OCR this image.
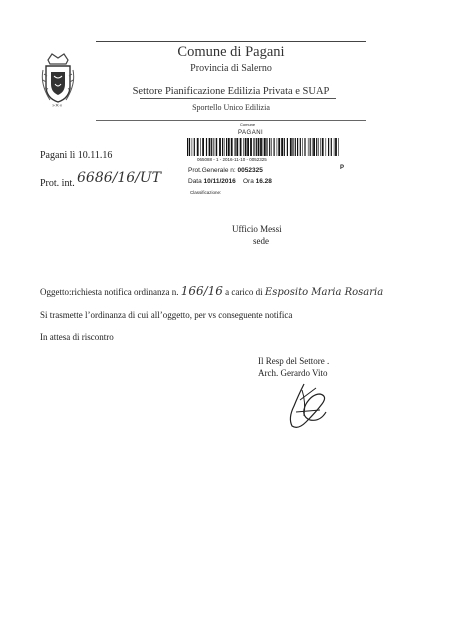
»✕«
Comune di Pagani
Provincia di Salerno
Settore Pianificazione Edilizia Privata e SUAP
Sportello Unico Edilizia
Pagani lì 10.11.16
Prot. int. 6686/16/UT
Comune
PAGANI
065088 - 1 - 2016-11-10 - 0052325
P
Prot.Generale n: 0052325
Data 10/11/2016 Ora 16.28
Classificazione:
Ufficio Messi
sede
Oggetto:richiesta notifica ordinanza n. 166/16 a carico di Esposito Maria Rosaria
Si trasmette l’ordinanza di cui all’oggetto, per vs conseguente notifica
In attesa di riscontro
Il Resp del Settore .
Arch. Gerardo Vito
